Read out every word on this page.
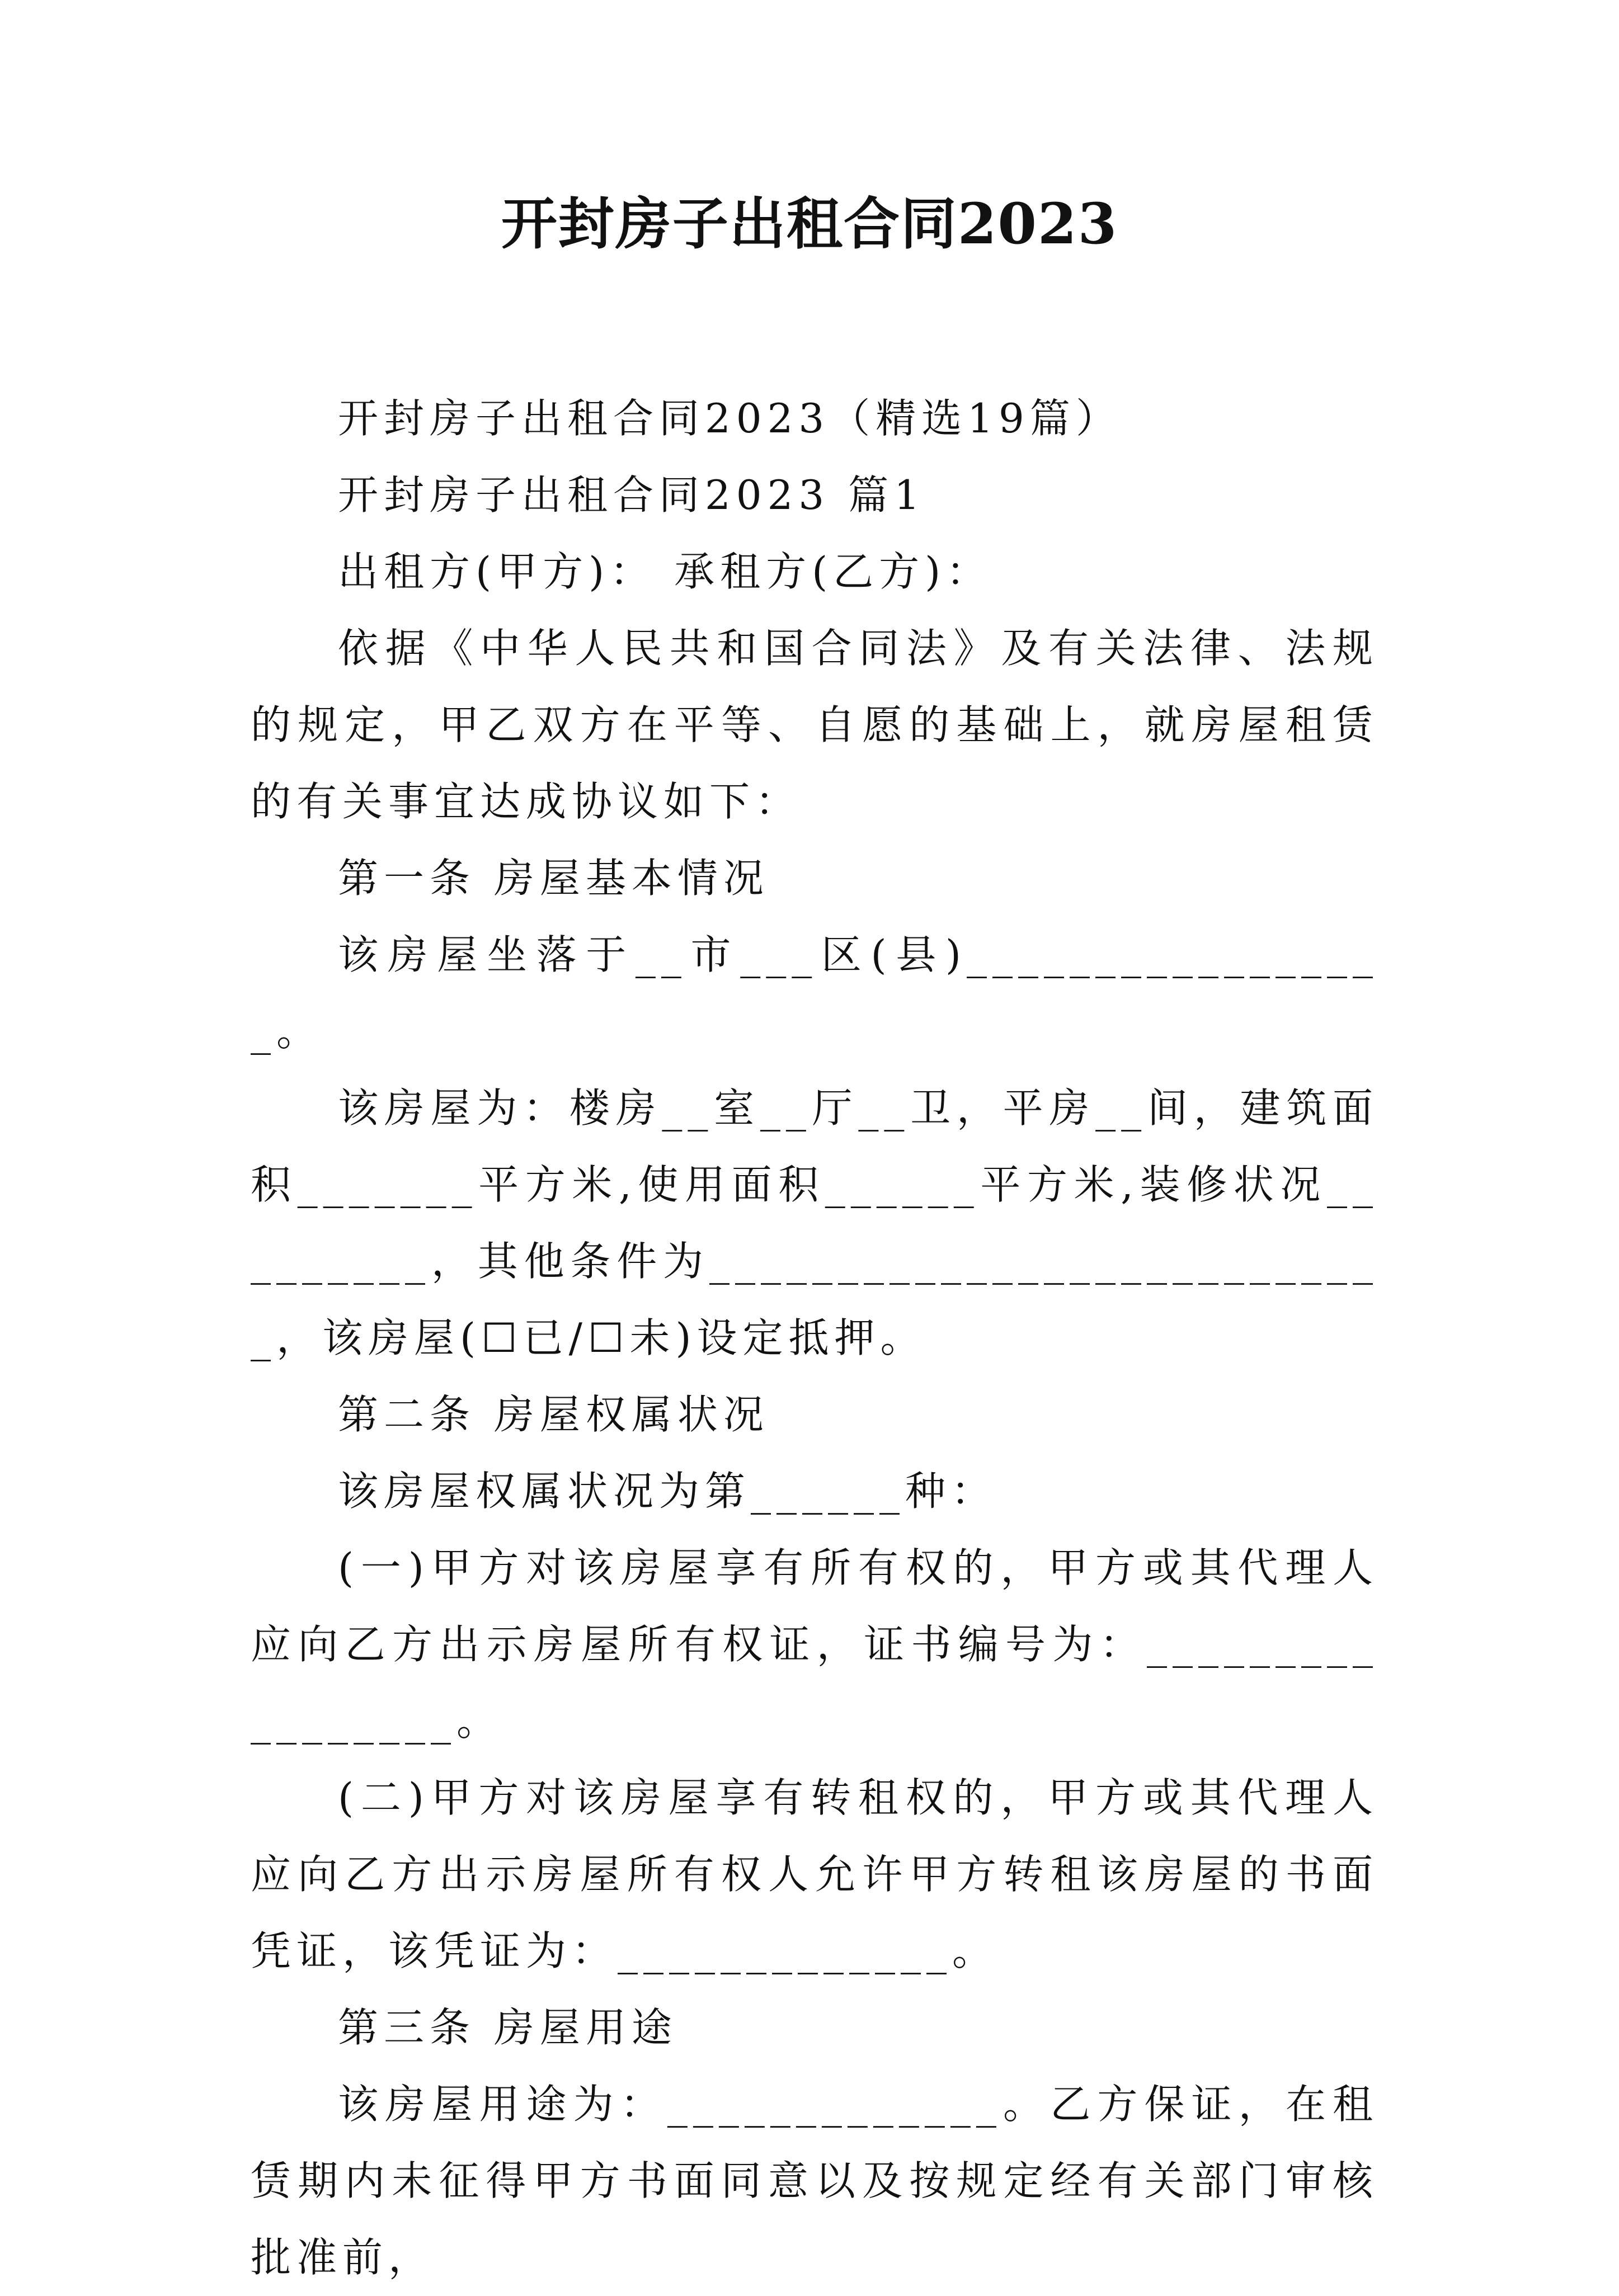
开封房子出租合同2023

开封房子出租合同2023（精选19篇）

开封房子出租合同2023 篇1

出租方(甲方)： 承租方(乙方)：

依据《中华人民共和国合同法》及有关法律、法规的规定，甲乙双方在平等、自愿的基础上，就房屋租赁的有关事宜达成协议如下：

第一条 房屋基本情况

该房屋坐落于__市___区(县)_________________。

该房屋为：楼房__室__厅__卫，平房__间，建筑面积_______平方米,使用面积______平方米,装修状况_________，其他条件为___________________________，该房屋(☐已/☐未)设定抵押。

第二条 房屋权属状况

该房屋权属状况为第______种：

(一)甲方对该房屋享有所有权的，甲方或其代理人应向乙方出示房屋所有权证，证书编号为：_________________。

(二)甲方对该房屋享有转租权的，甲方或其代理人应向乙方出示房屋所有权人允许甲方转租该房屋的书面凭证，该凭证为：_____________。

第三条 房屋用途

该房屋用途为：_____________。乙方保证，在租赁期内未征得甲方书面同意以及按规定经有关部门审核批准前，
